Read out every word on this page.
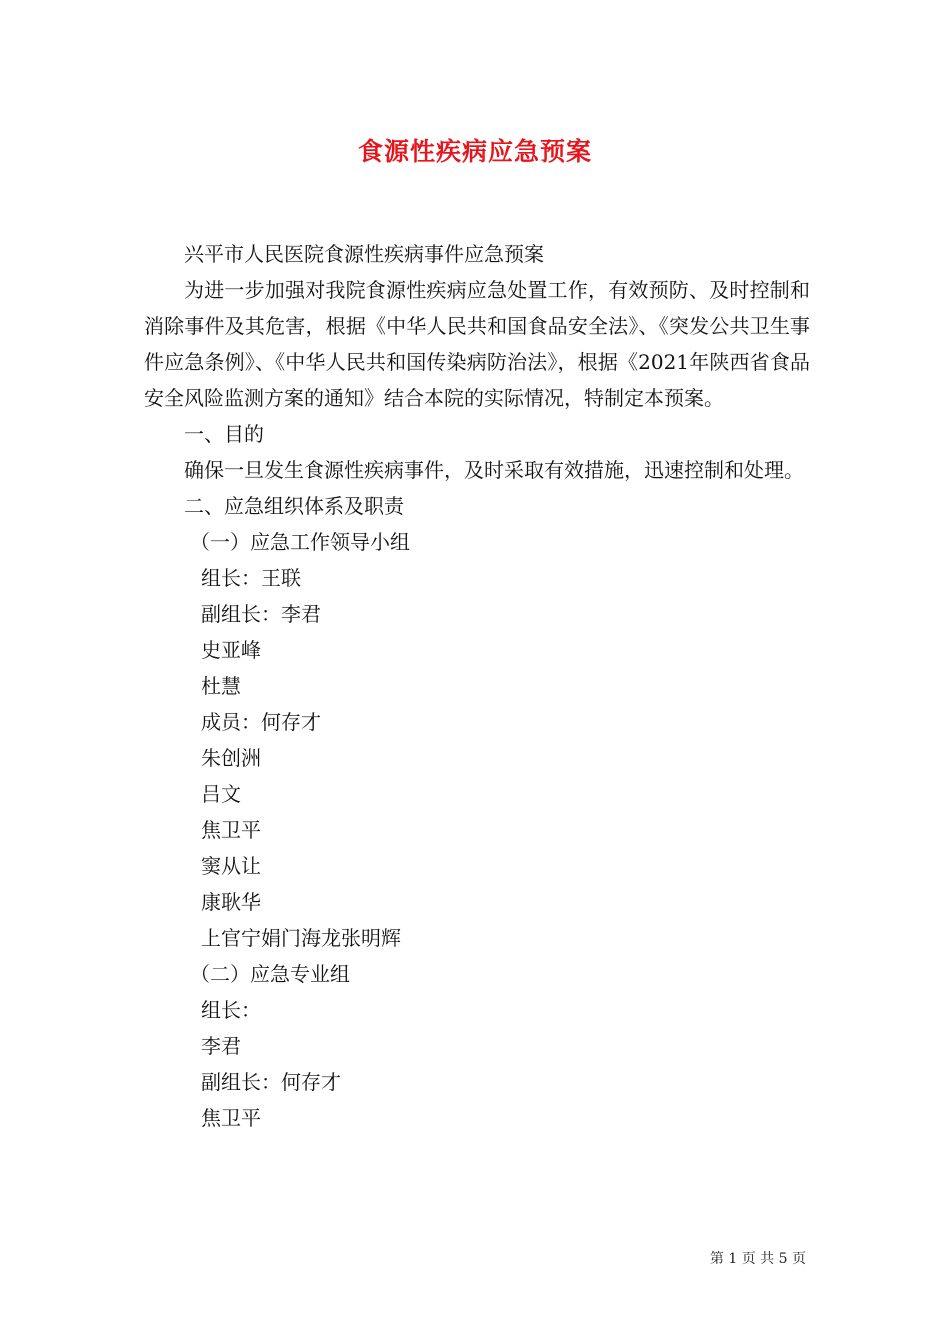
食源性疾病应急预案

兴平市人民医院食源性疾病事件应急预案

为进一步加强对我院食源性疾病应急处置工作，有效预防、及时控制和消除事件及其危害，根据《中华人民共和国食品安全法》、《突发公共卫生事件应急条例》、《中华人民共和国传染病防治法》，根据《2021年陕西省食品安全风险监测方案的通知》结合本院的实际情况，特制定本预案。

一、目的

确保一旦发生食源性疾病事件，及时采取有效措施，迅速控制和处理。

二、应急组织体系及职责

（一）应急工作领导小组

组长：王联

副组长：李君

史亚峰

杜慧

成员：何存才

朱创洲

吕文

焦卫平

窦从让

康耿华

上官宁娟门海龙张明辉

（二）应急专业组

组长：

李君

副组长：何存才

焦卫平

第 1 页 共 5 页
